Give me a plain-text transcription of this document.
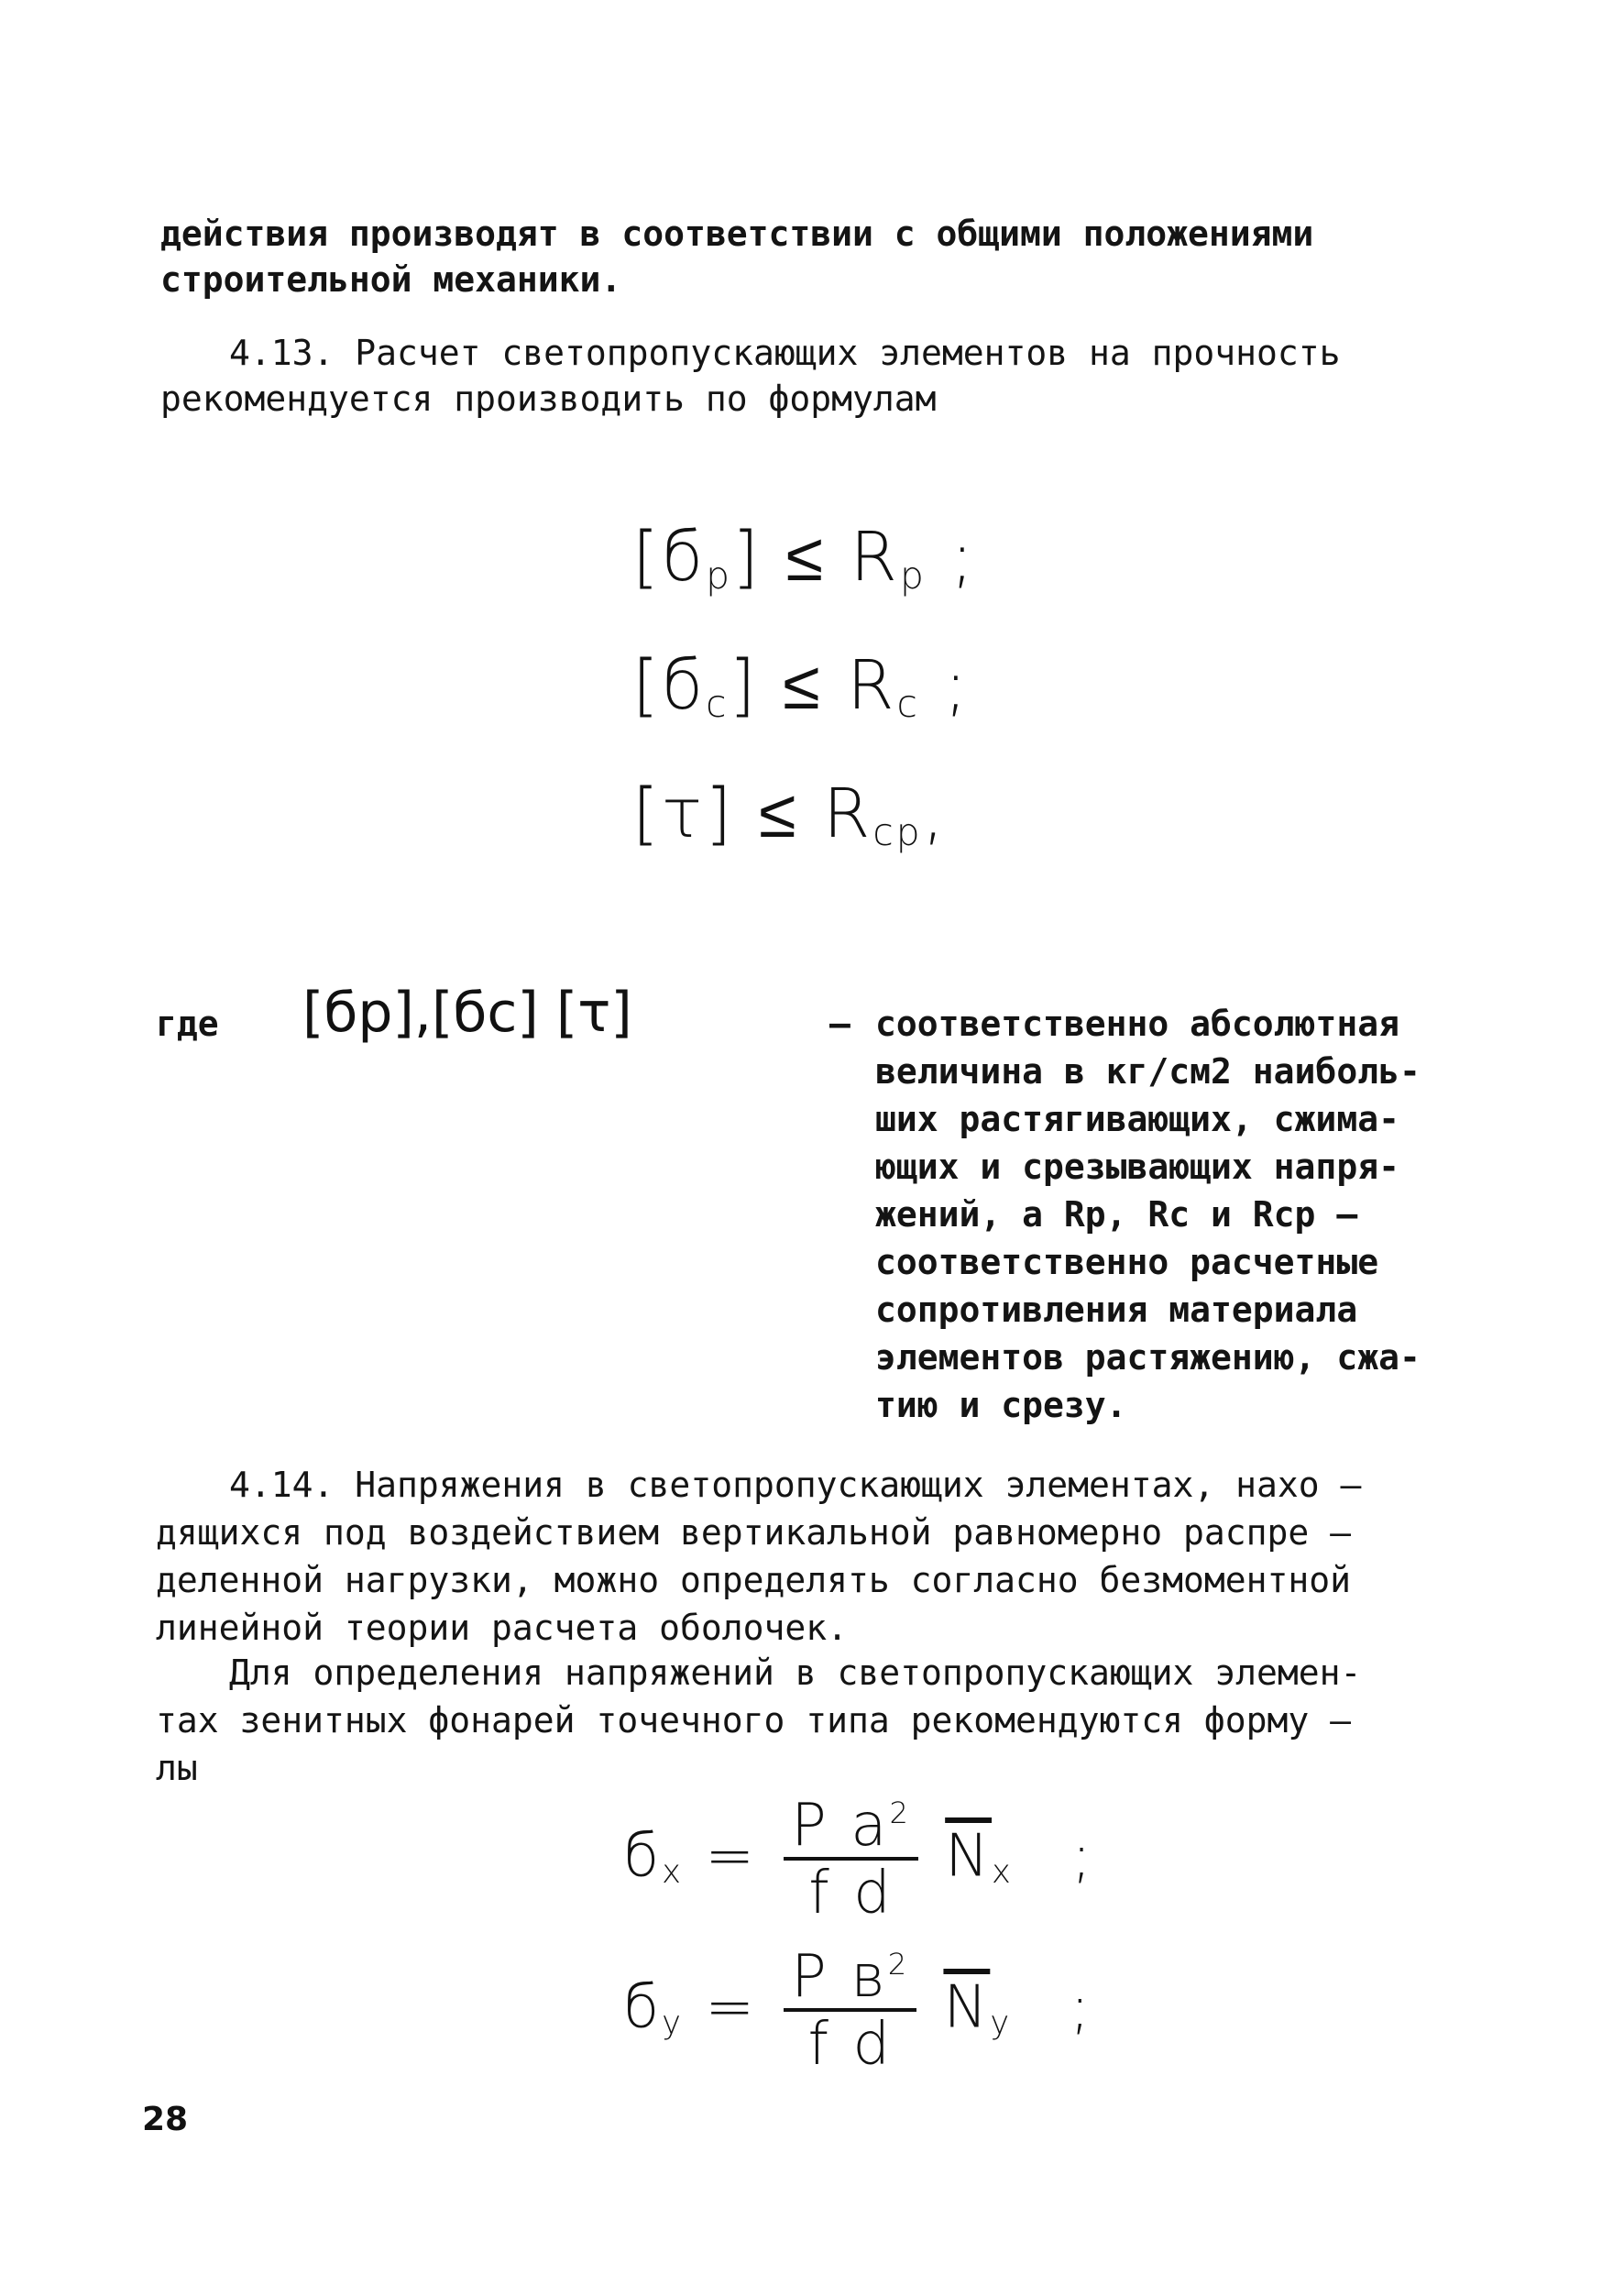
действия производят в соответствии с общими положениями
строительной механики.
4.13. Расчет светопропускающих элементов на прочность
рекомендуется производить по формулам
[бр] ≤ Rр ;
[бс] ≤ Rс ;
[τ] ≤ Rср,
где [бр],[бс] [τ]	– соответственно абсолютная
величина в кг/см2 наиболь-
ших растягивающих, сжима-
ющих и срезывающих напря-
жений, а Rр, Rс и Rср –
соответственно расчетные
сопротивления материала
элементов растяжению, сжа-
тию и срезу.
4.14. Напряжения в светопропускающих элементах, нахо –
дящихся под воздействием вертикальной равномерно распре –
деленной нагрузки, можно определять согласно безмоментной
линейной теории расчета оболочек.
Для определения напряжений в светопропускающих элемен-
тах зенитных фонарей точечного типа рекомендуются форму –
лы
бx = $\frac{P a^2}{\text{f d}} \overline{N}x$ ;
бy = $\frac{P в^2}{\text{f d}} \overline{N}y$ ;
28
